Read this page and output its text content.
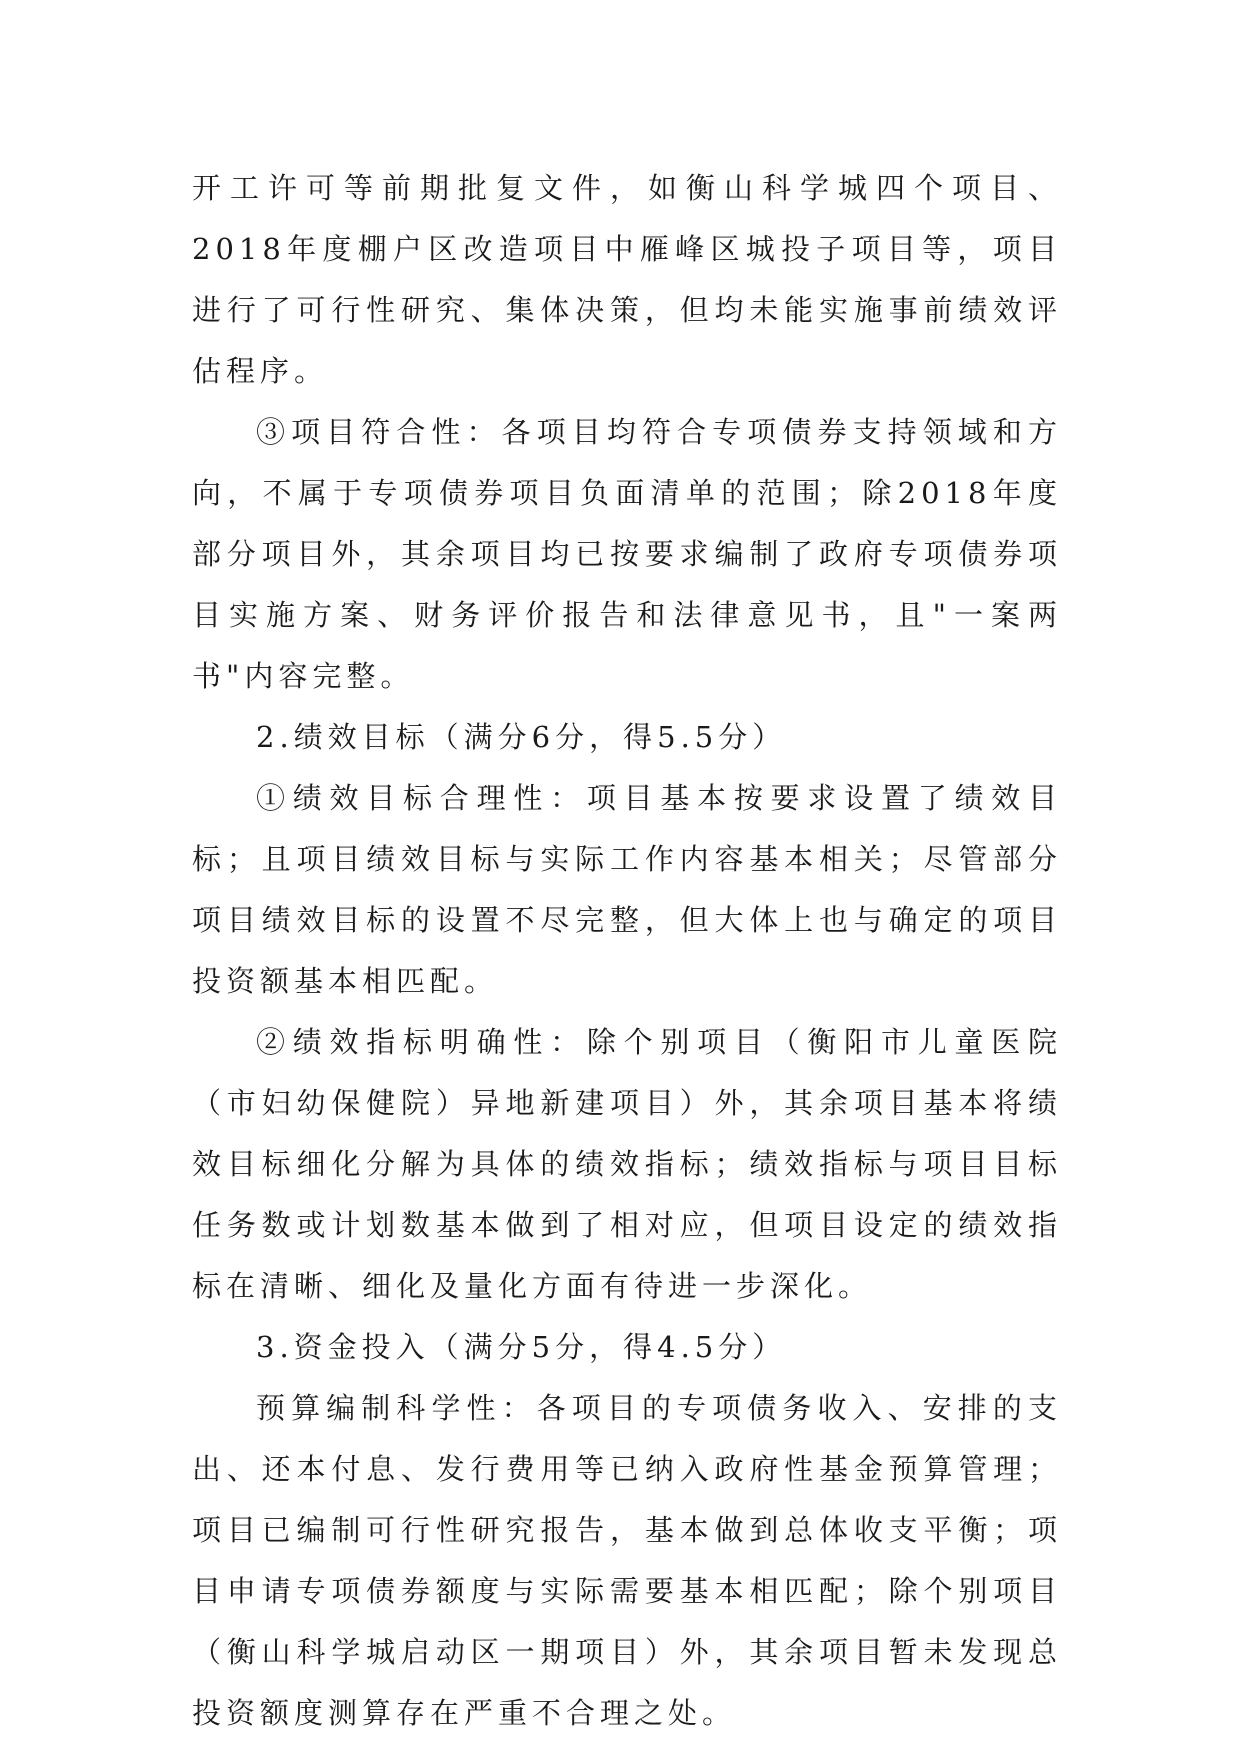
开工许可等前期批复文件，如衡山科学城四个项目、2018年度棚户区改造项目中雁峰区城投子项目等，项目进行了可行性研究、集体决策，但均未能实施事前绩效评估程序。

③项目符合性：各项目均符合专项债券支持领域和方向，不属于专项债券项目负面清单的范围；除2018年度部分项目外，其余项目均已按要求编制了政府专项债券项目实施方案、财务评价报告和法律意见书，且"一案两书"内容完整。

2.绩效目标（满分6分，得5.5分）

①绩效目标合理性：项目基本按要求设置了绩效目标；且项目绩效目标与实际工作内容基本相关；尽管部分项目绩效目标的设置不尽完整，但大体上也与确定的项目投资额基本相匹配。

②绩效指标明确性：除个别项目（衡阳市儿童医院（市妇幼保健院）异地新建项目）外，其余项目基本将绩效目标细化分解为具体的绩效指标；绩效指标与项目目标任务数或计划数基本做到了相对应，但项目设定的绩效指标在清晰、细化及量化方面有待进一步深化。

3.资金投入（满分5分，得4.5分）

预算编制科学性：各项目的专项债务收入、安排的支出、还本付息、发行费用等已纳入政府性基金预算管理；项目已编制可行性研究报告，基本做到总体收支平衡；项目申请专项债券额度与实际需要基本相匹配；除个别项目（衡山科学城启动区一期项目）外，其余项目暂未发现总投资额度测算存在严重不合理之处。
